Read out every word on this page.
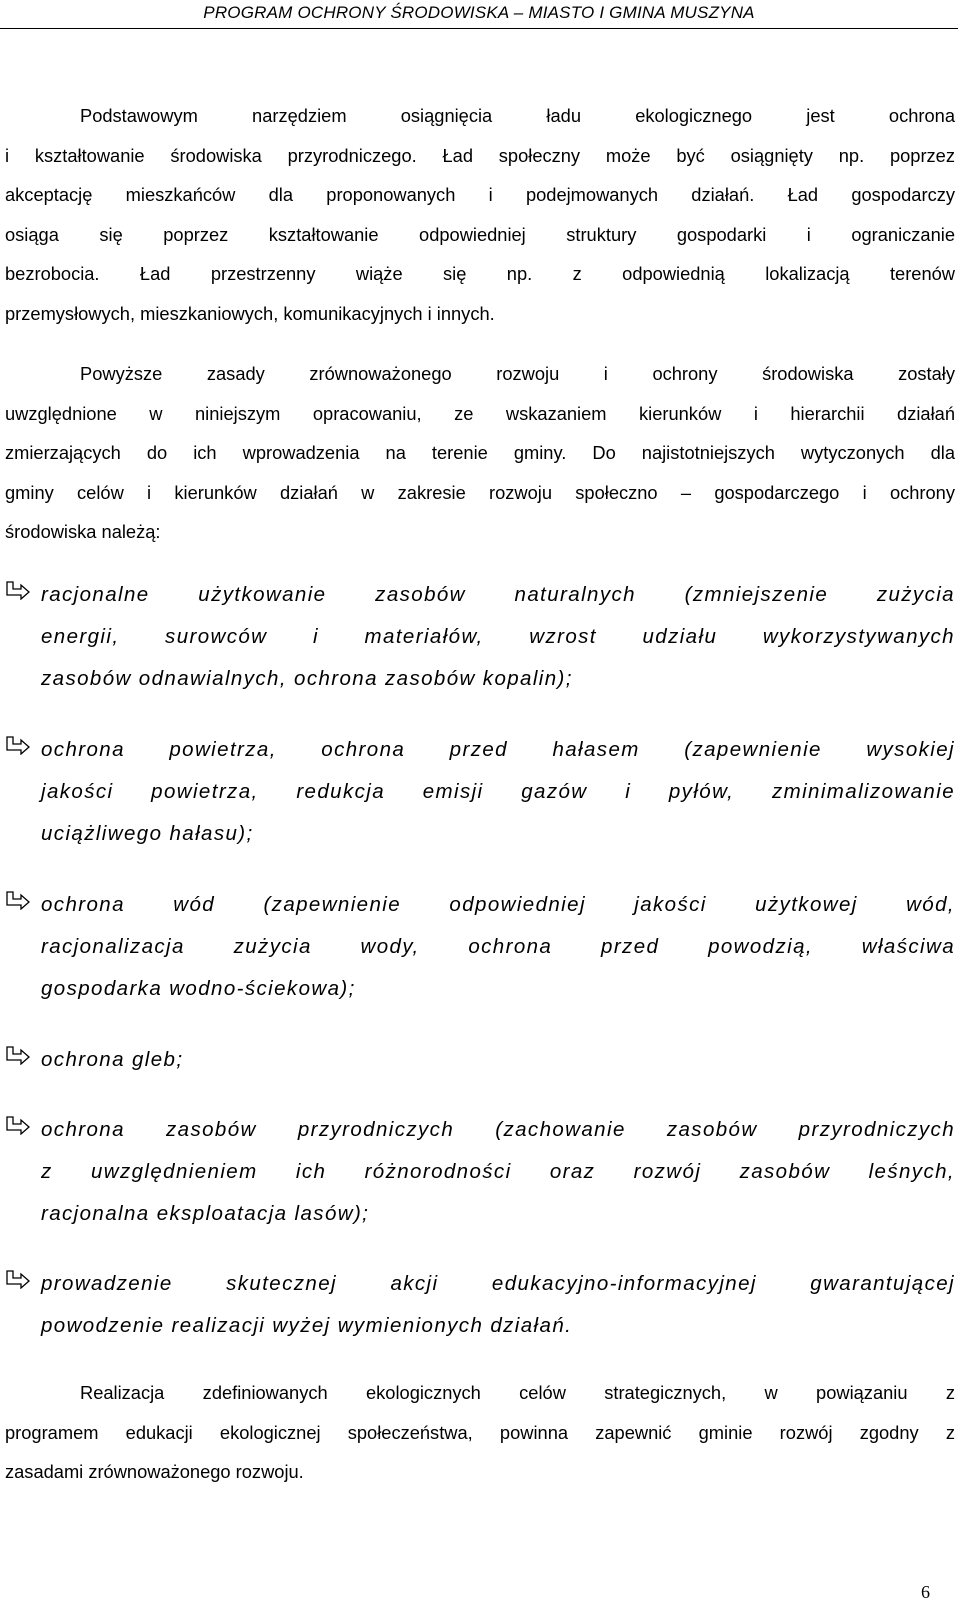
PROGRAM OCHRONY ŚRODOWISKA – MIASTO I GMINA MUSZYNA
Podstawowym narzędziem osiągnięcia ładu ekologicznego jest ochrona
i kształtowanie środowiska przyrodniczego. Ład społeczny może być osiągnięty np. poprzez
akceptację mieszkańców dla proponowanych i podejmowanych działań. Ład gospodarczy
osiąga się poprzez kształtowanie odpowiedniej struktury gospodarki i ograniczanie
bezrobocia. Ład przestrzenny wiąże się np. z odpowiednią lokalizacją terenów
przemysłowych, mieszkaniowych, komunikacyjnych i innych.
Powyższe zasady zrównoważonego rozwoju i ochrony środowiska zostały
uwzględnione w niniejszym opracowaniu, ze wskazaniem kierunków i hierarchii działań
zmierzających do ich wprowadzenia na terenie gminy. Do najistotniejszych wytyczonych dla
gminy celów i kierunków działań w zakresie rozwoju społeczno – gospodarczego i ochrony
środowiska należą:
racjonalne użytkowanie zasobów naturalnych (zmniejszenie zużycia
energii, surowców i materiałów, wzrost udziału wykorzystywanych
zasobów odnawialnych, ochrona zasobów kopalin);
ochrona powietrza, ochrona przed hałasem (zapewnienie wysokiej
jakości powietrza, redukcja emisji gazów i pyłów, zminimalizowanie
uciążliwego hałasu);
ochrona wód (zapewnienie odpowiedniej jakości użytkowej wód,
racjonalizacja zużycia wody, ochrona przed powodzią, właściwa
gospodarka wodno-ściekowa);
ochrona gleb;
ochrona zasobów przyrodniczych (zachowanie zasobów przyrodniczych
z uwzględnieniem ich różnorodności oraz rozwój zasobów leśnych,
racjonalna eksploatacja lasów);
prowadzenie skutecznej akcji edukacyjno-informacyjnej gwarantującej
powodzenie realizacji wyżej wymienionych działań.
Realizacja zdefiniowanych ekologicznych celów strategicznych, w powiązaniu z
programem edukacji ekologicznej społeczeństwa, powinna zapewnić gminie rozwój zgodny z
zasadami zrównoważonego rozwoju.
6
